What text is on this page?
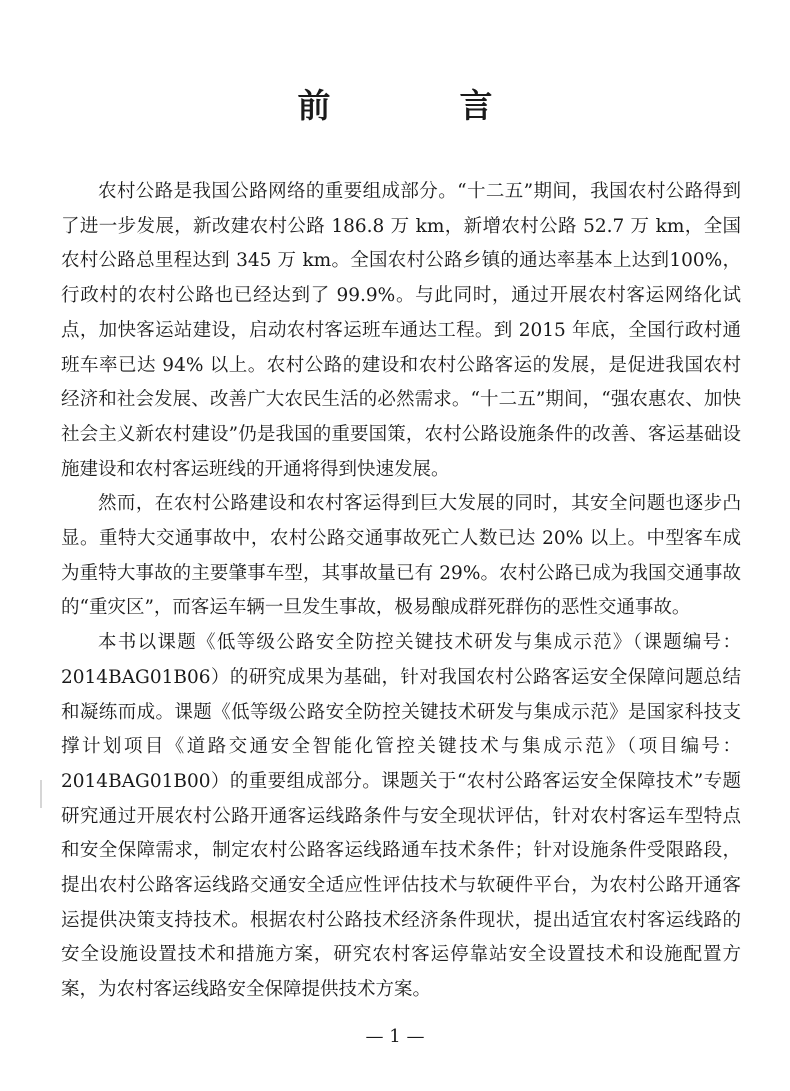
前　言

农村公路是我国公路网络的重要组成部分。“十二五”期间，我国农村公路得到了进一步发展，新改建农村公路 186.8 万 km，新增农村公路 52.7 万 km，全国农村公路总里程达到 345 万 km。全国农村公路乡镇的通达率基本上达到100%，行政村的农村公路也已经达到了 99.9%。与此同时，通过开展农村客运网络化试点，加快客运站建设，启动农村客运班车通达工程。到 2015 年底，全国行政村通班车率已达 94% 以上。农村公路的建设和农村公路客运的发展，是促进我国农村经济和社会发展、改善广大农民生活的必然需求。“十二五”期间，“强农惠农、加快社会主义新农村建设”仍是我国的重要国策，农村公路设施条件的改善、客运基础设施建设和农村客运班线的开通将得到快速发展。

然而，在农村公路建设和农村客运得到巨大发展的同时，其安全问题也逐步凸显。重特大交通事故中，农村公路交通事故死亡人数已达 20% 以上。中型客车成为重特大事故的主要肇事车型，其事故量已有 29%。农村公路已成为我国交通事故的“重灾区”，而客运车辆一旦发生事故，极易酿成群死群伤的恶性交通事故。

本书以课题《低等级公路安全防控关键技术研发与集成示范》（课题编号：2014BAG01B06）的研究成果为基础，针对我国农村公路客运安全保障问题总结和凝练而成。课题《低等级公路安全防控关键技术研发与集成示范》是国家科技支撑计划项目《道路交通安全智能化管控关键技术与集成示范》（项目编号：2014BAG01B00）的重要组成部分。课题关于“农村公路客运安全保障技术”专题研究通过开展农村公路开通客运线路条件与安全现状评估，针对农村客运车型特点和安全保障需求，制定农村公路客运线路通车技术条件；针对设施条件受限路段，提出农村公路客运线路交通安全适应性评估技术与软硬件平台，为农村公路开通客运提供决策支持技术。根据农村公路技术经济条件现状，提出适宜农村客运线路的安全设施设置技术和措施方案，研究农村客运停靠站安全设置技术和设施配置方案，为农村客运线路安全保障提供技术方案。

— 1 —
